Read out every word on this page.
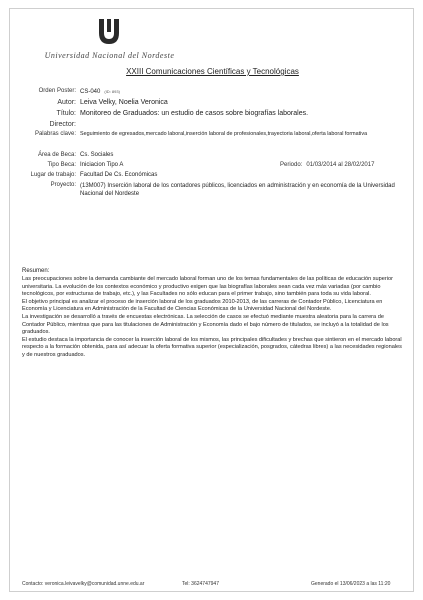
Universidad Nacional del Nordeste
XXIII Comunicaciones Científicas y Tecnológicas
Orden Poster: CS-040 (ID: 893)
Autor: Leiva Velky, Noelia Veronica
Título: Monitoreo de Graduados: un estudio de casos sobre biografías laborales.
Director:
Palabras clave: Seguimiento de egresados,mercado laboral,inserción laboral de profesionales,trayectoria laboral,oferta laboral formativa
Área de Beca: Cs. Sociales
Tipo Beca: Iniciacion Tipo A	Periodo: 01/03/2014 al 28/02/2017
Lugar de trabajo: Facultad De Cs. Económicas
Proyecto: (13M007) Inserción laboral de los contadores públicos, licenciados en administración y en economía de la Universidad Nacional del Nordeste
Resumen:

Las preocupaciones sobre la demanda cambiante del mercado laboral forman uno de los temas fundamentales de las políticas de educación superior universitaria. La evolución de los contextos económico y productivo exigen que las biografías laborales sean cada vez más variadas (por cambio tecnológicos, por estructuras de trabajo, etc.), y las Facultades no sólo educan para el primer trabajo, sino también para toda su vida laboral.

El objetivo principal es analizar el proceso de inserción laboral de los graduados 2010-2013, de las carreras de Contador Público, Licenciatura en Economía y Licenciatura en Administración de la Facultad de Ciencias Económicas de la Universidad Nacional del Nordeste.

La investigación se desarrolló a través de encuestas electrónicas. La selección de casos se efectuó mediante muestra aleatoria para la carrera de Contador Público, mientras que para las titulaciones de Administración y Economía dado el bajo número de titulados, se incluyó a la totalidad de los graduados.

El estudio destaca la importancia de conocer la inserción laboral de los mismos, las principales dificultades y brechas que sintieron en el mercado laboral respecto a la formación obtenida, para así adecuar la oferta formativa superior (especialización, posgrados, cátedras libres) a las necesidades regionales y de nuestros graduados.

Contacto: veronica.leivavelky@comunidad.unne.edu.ar	Tel: 3624747947	Generado el 13/06/2023 a las 11:20
